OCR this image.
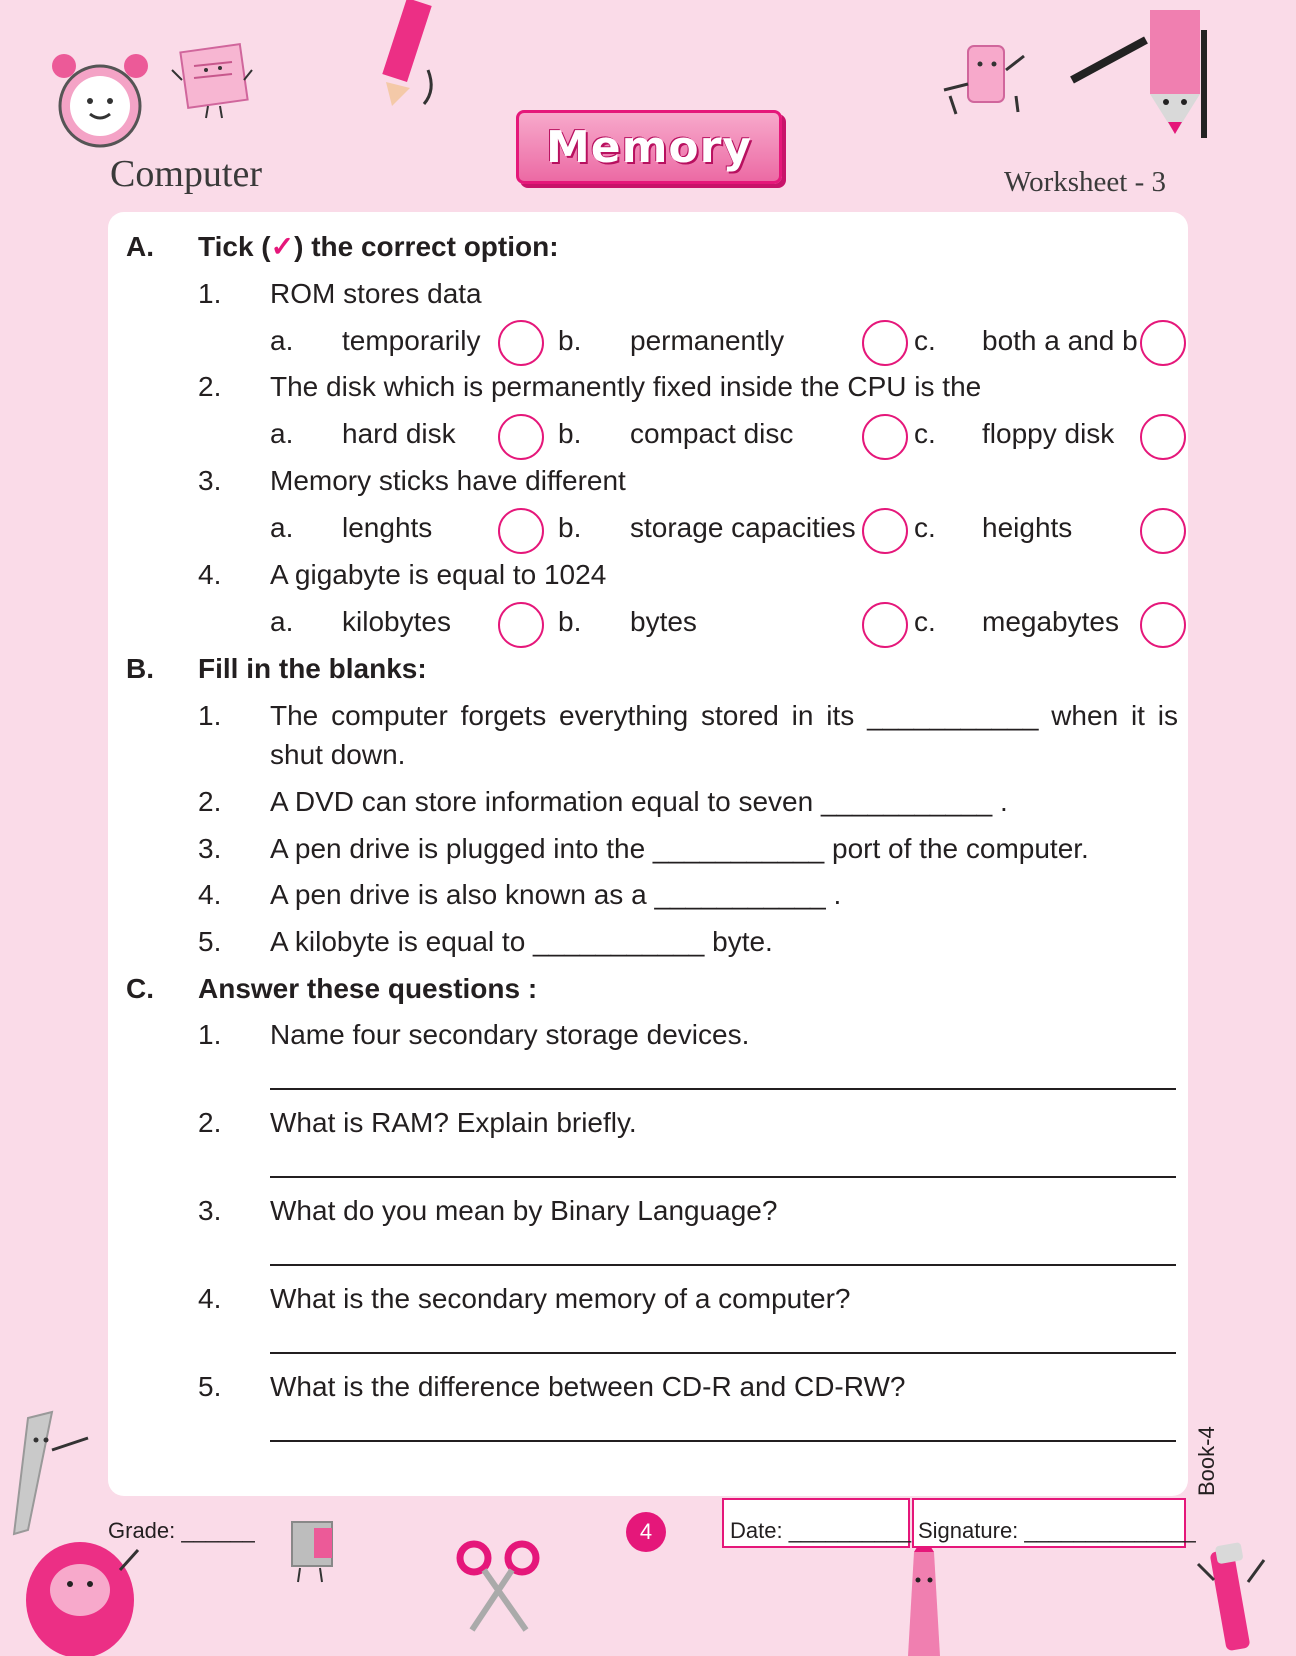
Computer
Memory
Worksheet - 3
A. Tick (✓) the correct option:
1. ROM stores data
a. temporarily	b. permanently	c. both a and b
2. The disk which is permanently fixed inside the CPU is the
a. hard disk	b. compact disc	c. floppy disk
3. Memory sticks have different
a. lenghts	b. storage capacities c. heights
4. A gigabyte is equal to 1024
a. kilobytes	b. bytes	c. megabytes
B. Fill in the blanks:
1. The computer forgets everything stored in its ___________ when it is
shut down.
2. A DVD can store information equal to seven ___________ .
3. A pen drive is plugged into the ___________ port of the computer.
4. A pen drive is also known as a ___________ .
5. A kilobyte is equal to ___________ byte.
C. Answer these questions :
1. Name four secondary storage devices.
2. What is RAM? Explain briefly.
3. What do you mean by Binary Language?
4. What is the secondary memory of a computer?
5. What is the difference between CD-R and CD-RW?
Book-4
Grade: ______	4	Date: __________ Signature: ______________
